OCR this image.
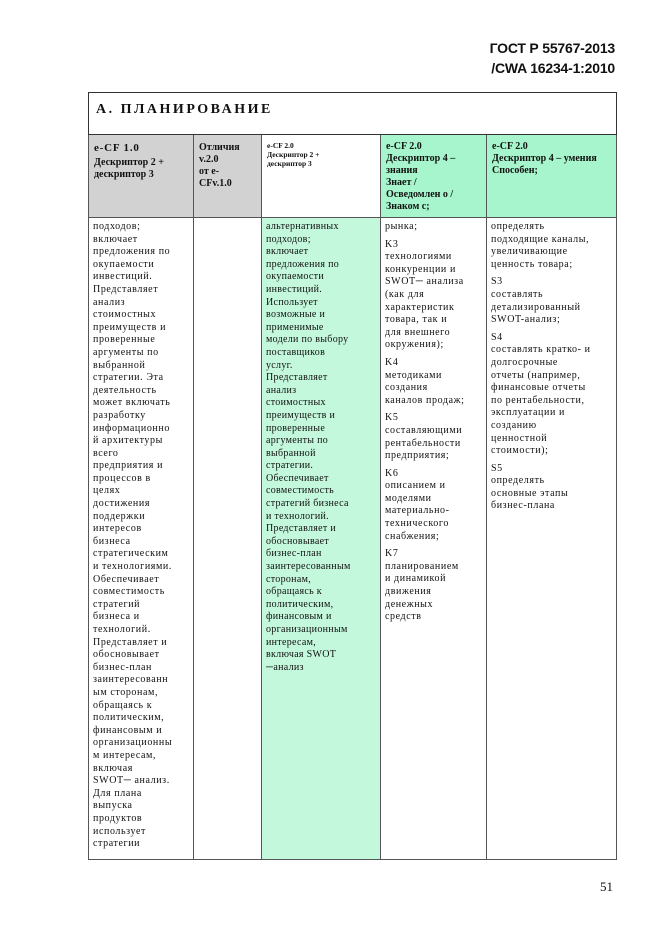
ГОСТ Р 55767-2013
/CWA 16234-1:2010
А. ПЛАНИРОВАНИЕ
e-CF 1.0
Дескриптор 2 +
дескриптор 3
Отличия
v.2.0
от e-
CFv.1.0
e-CF 2.0
Дескриптор 2 +
дескриптор 3
e-CF 2.0
Дескриптор 4 –
знания
Знает /
Осведомлен о /
Знаком с;
e-CF 2.0
Дескриптор 4 – умения
Способен;

подходов;

включает

предложения по

окупаемости

инвестиций.

Представляет

анализ

стоимостных

преимуществ и

проверенные

аргументы по

выбранной

стратегии. Эта

деятельность

может включать

разработку

информационно

й архитектуры

всего

предприятия и

процессов в

целях

достижения

поддержки

интересов

бизнеса

стратегическим

и технологиями.

Обеспечивает

совместимость

стратегий

бизнеса и

технологий.

Представляет и

обосновывает

бизнес-план

заинтересованн

ым сторонам,

обращаясь к

политическим,

финансовым и

организационны

м интересам,

включая

SWOT─ анализ.

Для плана

выпуска

продуктов

использует

стратегии

альтернативных

подходов;

включает

предложения по

окупаемости

инвестиций.

Использует

возможные и

применимые

модели по выбору

поставщиков

услуг.

Представляет

анализ

стоимостных

преимуществ и

проверенные

аргументы по

выбранной

стратегии.

Обеспечивает

совместимость

стратегий бизнеса

и технологий.

Представляет и

обосновывает

бизнес-план

заинтересованным

сторонам,

обращаясь к

политическим,

финансовым и

организационным

интересам,

включая SWOT

─анализ

рынка;

K3

технологиями

конкуренции и

SWOT─ анализа

(как для

характеристик

товара, так и

для внешнего

окружения);

K4

методиками

создания

каналов продаж;

K5

составляющими

рентабельности

предприятия;

K6

описанием и

моделями

материально-

технического

снабжения;

K7

планированием

и динамикой

движения

денежных

средств

определять

подходящие каналы,

увеличивающие

ценность товара;

S3

составлять

детализированный

SWOT-анализ;

S4

составлять кратко- и

долгосрочные

отчеты (например,

финансовые отчеты

по рентабельности,

эксплуатации и

созданию

ценностной

стоимости);

S5

определять

основные этапы

бизнес-плана

51
